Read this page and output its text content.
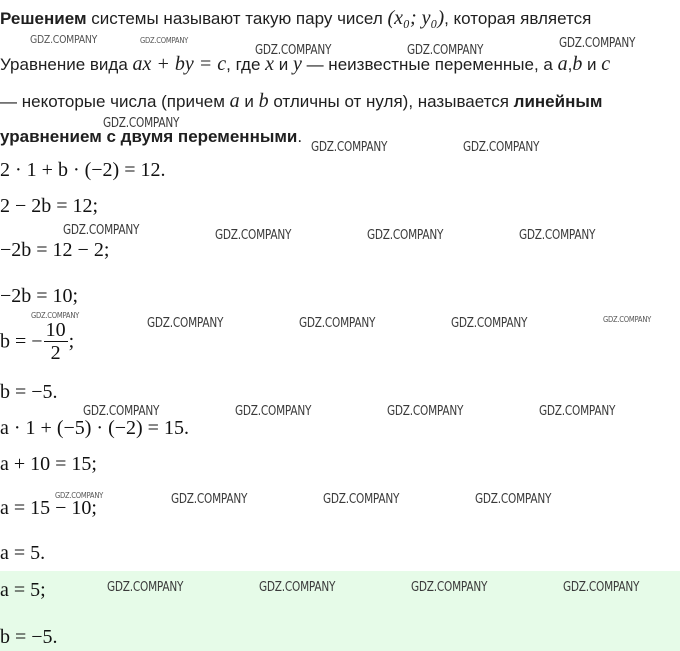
Решением системы называют такую пару чисел (x₀; y₀), которая является
Уравнение вида ax + by = c, где x и y — неизвестные переменные, а a,b и c
— некоторые числа (причем a и b отличны от нуля), называется линейным
уравнением с двумя переменными.
2 · 1 + b · (−2) = 12.
2 − 2b = 12;
−2b = 12 − 2;
−2b = 10;
b = − $\frac{10}{2}$ ;
b = −5.
a · 1 + (−5) · (−2) = 15.
a + 10 = 15;
a = 15 − 10;
a = 5.
a = 5;
b = −5.
GDZ.COMPANY	GDZ.COMPANY
GDZ.COMPANY	GDZ.COMPANY	GDZ.COMPANY
GDZ.COMPANY
GDZ.COMPANY	GDZ.COMPANY
GDZ.COMPANY	GDZ.COMPANY	GDZ.COMPANY	GDZ.COMPANY
GDZ.COMPANY	GDZ.COMPANY	GDZ.COMPANY	GDZ.COMPANY	GDZ.COMPANY
GDZ.COMPANY	GDZ.COMPANY	GDZ.COMPANY	GDZ.COMPANY
GDZ.COMPANY	GDZ.COMPANY	GDZ.COMPANY	GDZ.COMPANY
GDZ.COMPANY	GDZ.COMPANY	GDZ.COMPANY	GDZ.COMPANY
